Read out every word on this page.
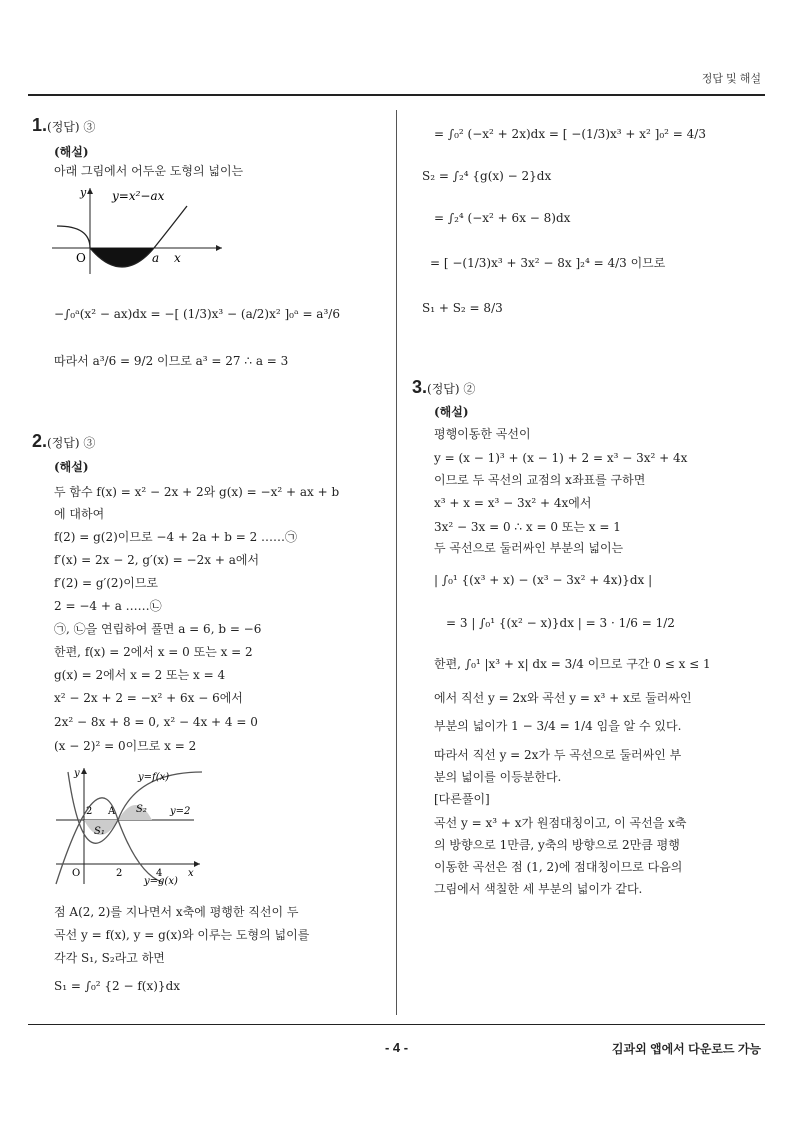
정답 및 해설
- 4 -	김과외 앱에서 다운로드 가능
1.(정답) ③
(해설)
아래 그림에서 어두운 도형의 넓이는
y y=x²−ax
O	a x
−∫₀ᵃ(x² − ax)dx = −[ (1/3)x³ − (a/2)x² ]₀ᵃ = a³/6
따라서 a³/6 = 9/2 이므로 a³ = 27 ∴ a = 3
2.(정답) ③
(해설)
두 함수 f(x) = x² − 2x + 2와 g(x) = −x² + ax + b
에 대하여
f(2) = g(2)이므로 −4 + 2a + b = 2 ……㉠
f′(x) = 2x − 2, g′(x) = −2x + a에서
f′(2) = g′(2)이므로
2 = −4 + a ……㉡
㉠, ㉡을 연립하여 풀면 a = 6, b = −6
한편, f(x) = 2에서 x = 0 또는 x = 2
g(x) = 2에서 x = 2 또는 x = 4
x² − 2x + 2 = −x² + 6x − 6에서
2x² − 8x + 8 = 0, x² − 4x + 4 = 0
(x − 2)² = 0이므로 x = 2
y	y=f(x)
y=2
2 A S₂
S₁
O	2	4	x
y=g(x)
점 A(2, 2)를 지나면서 x축에 평행한 직선이 두
곡선 y = f(x), y = g(x)와 이루는 도형의 넓이를
각각 S₁, S₂라고 하면
S₁ = ∫₀² {2 − f(x)}dx
= ∫₀² (−x² + 2x)dx = [ −(1/3)x³ + x² ]₀² = 4/3
S₂ = ∫₂⁴ {g(x) − 2}dx
= ∫₂⁴ (−x² + 6x − 8)dx
= [ −(1/3)x³ + 3x² − 8x ]₂⁴ = 4/3 이므로
S₁ + S₂ = 8/3
3.(정답) ②
(해설)
평행이동한 곡선이
y = (x − 1)³ + (x − 1) + 2 = x³ − 3x² + 4x
이므로 두 곡선의 교점의 x좌표를 구하면
x³ + x = x³ − 3x² + 4x에서
3x² − 3x = 0 ∴ x = 0 또는 x = 1
두 곡선으로 둘러싸인 부분의 넓이는
| ∫₀¹ {(x³ + x) − (x³ − 3x² + 4x)}dx |
= 3 | ∫₀¹ {(x² − x)}dx | = 3 · 1/6 = 1/2
한편, ∫₀¹ |x³ + x| dx = 3/4 이므로 구간 0 ≤ x ≤ 1
에서 직선 y = 2x와 곡선 y = x³ + x로 둘러싸인
부분의 넓이가 1 − 3/4 = 1/4 임을 알 수 있다.
따라서 직선 y = 2x가 두 곡선으로 둘러싸인 부
분의 넓이를 이등분한다.
[다른풀이]
곡선 y = x³ + x가 원점대칭이고, 이 곡선을 x축
의 방향으로 1만큼, y축의 방향으로 2만큼 평행
이동한 곡선은 점 (1, 2)에 점대칭이므로 다음의
그림에서 색칠한 세 부분의 넓이가 같다.
